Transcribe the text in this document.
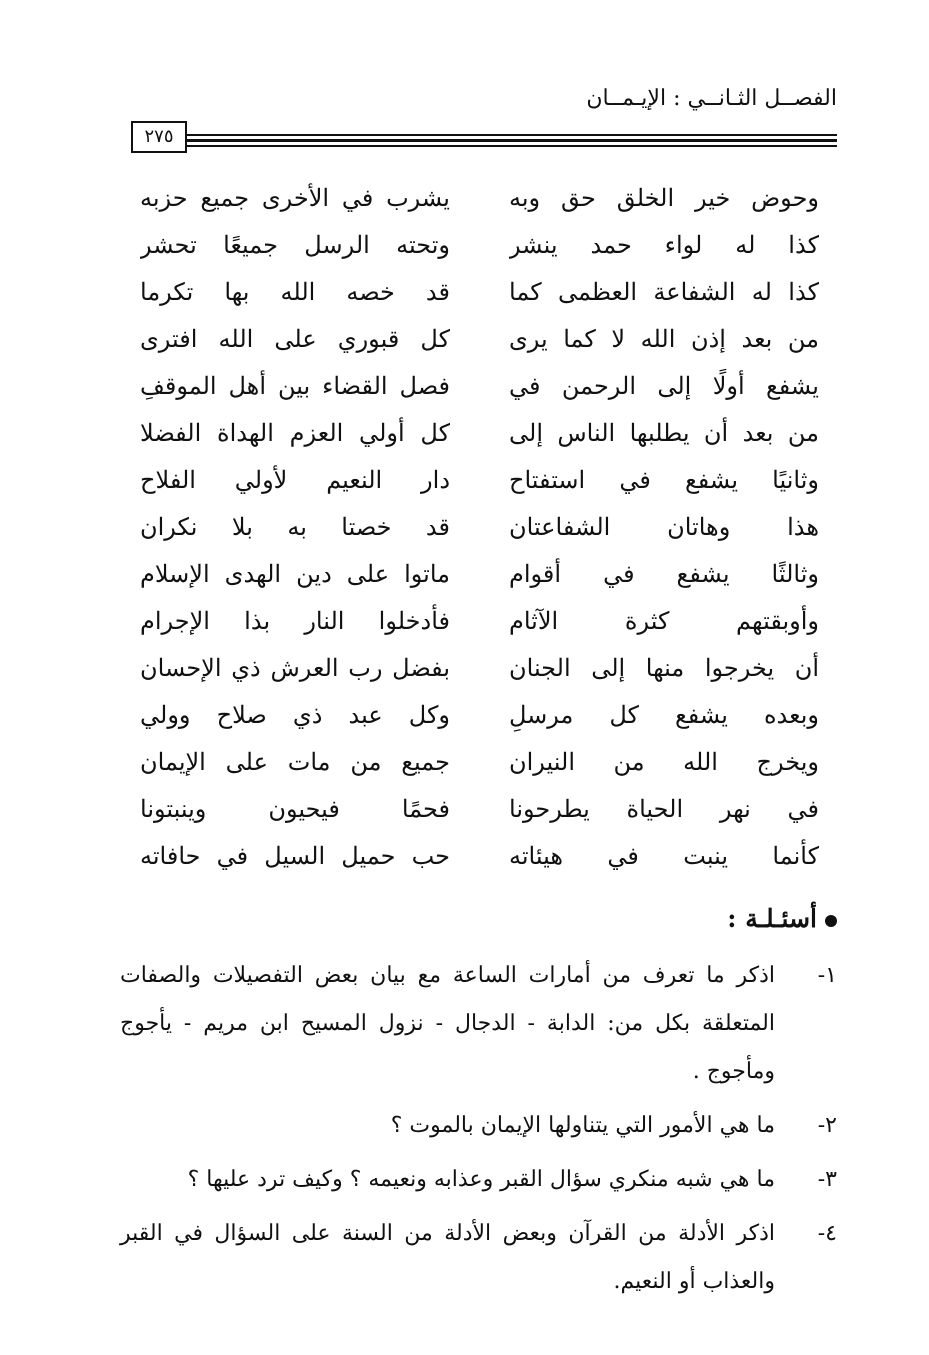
الفصــل الثـانــي : الإيـمــان
٢٧٥
وحوض خير الخلق حق وبه
يشرب في الأخرى جميع حزبه
كذا له لواء حمد ينشر
وتحته الرسل جميعًا تحشر
كذا له الشفاعة العظمى كما
قد خصه الله بها تكرما
من بعد إذن الله لا كما يرى
كل قبوري على الله افترى
يشفع أولًا إلى الرحمن في
فصل القضاء بين أهل الموقفِ
من بعد أن يطلبها الناس إلى
كل أولي العزم الهداة الفضلا
وثانيًا يشفع في استفتاح
دار النعيم لأولي الفلاح
هذا وهاتان الشفاعتان
قد خصتا به بلا نكران
وثالثًا يشفع في أقوام
ماتوا على دين الهدى الإسلام
وأوبقتهم كثرة الآثام
فأدخلوا النار بذا الإجرام
أن يخرجوا منها إلى الجنان
بفضل رب العرش ذي الإحسان
وبعده يشفع كل مرسلِ
وكل عبد ذي صلاح وولي
ويخرج الله من النيران
جميع من مات على الإيمان
في نهر الحياة يطرحونا
فحمًا فيحيون وينبتونا
كأنما ينبت في هيئاته
حب حميل السيل في حافاته
أسئـلـة :
١-
اذكر ما تعرف من أمارات الساعة مع بيان بعض التفصيلات والصفات المتعلقة بكل من: الدابة - الدجال - نزول المسيح ابن مريم - يأجوج ومأجوج .
٢-
ما هي الأمور التي يتناولها الإيمان بالموت ؟
٣-
ما هي شبه منكري سؤال القبر وعذابه ونعيمه ؟ وكيف ترد عليها ؟
٤-
اذكر الأدلة من القرآن وبعض الأدلة من السنة على السؤال في القبر والعذاب أو النعيم.
